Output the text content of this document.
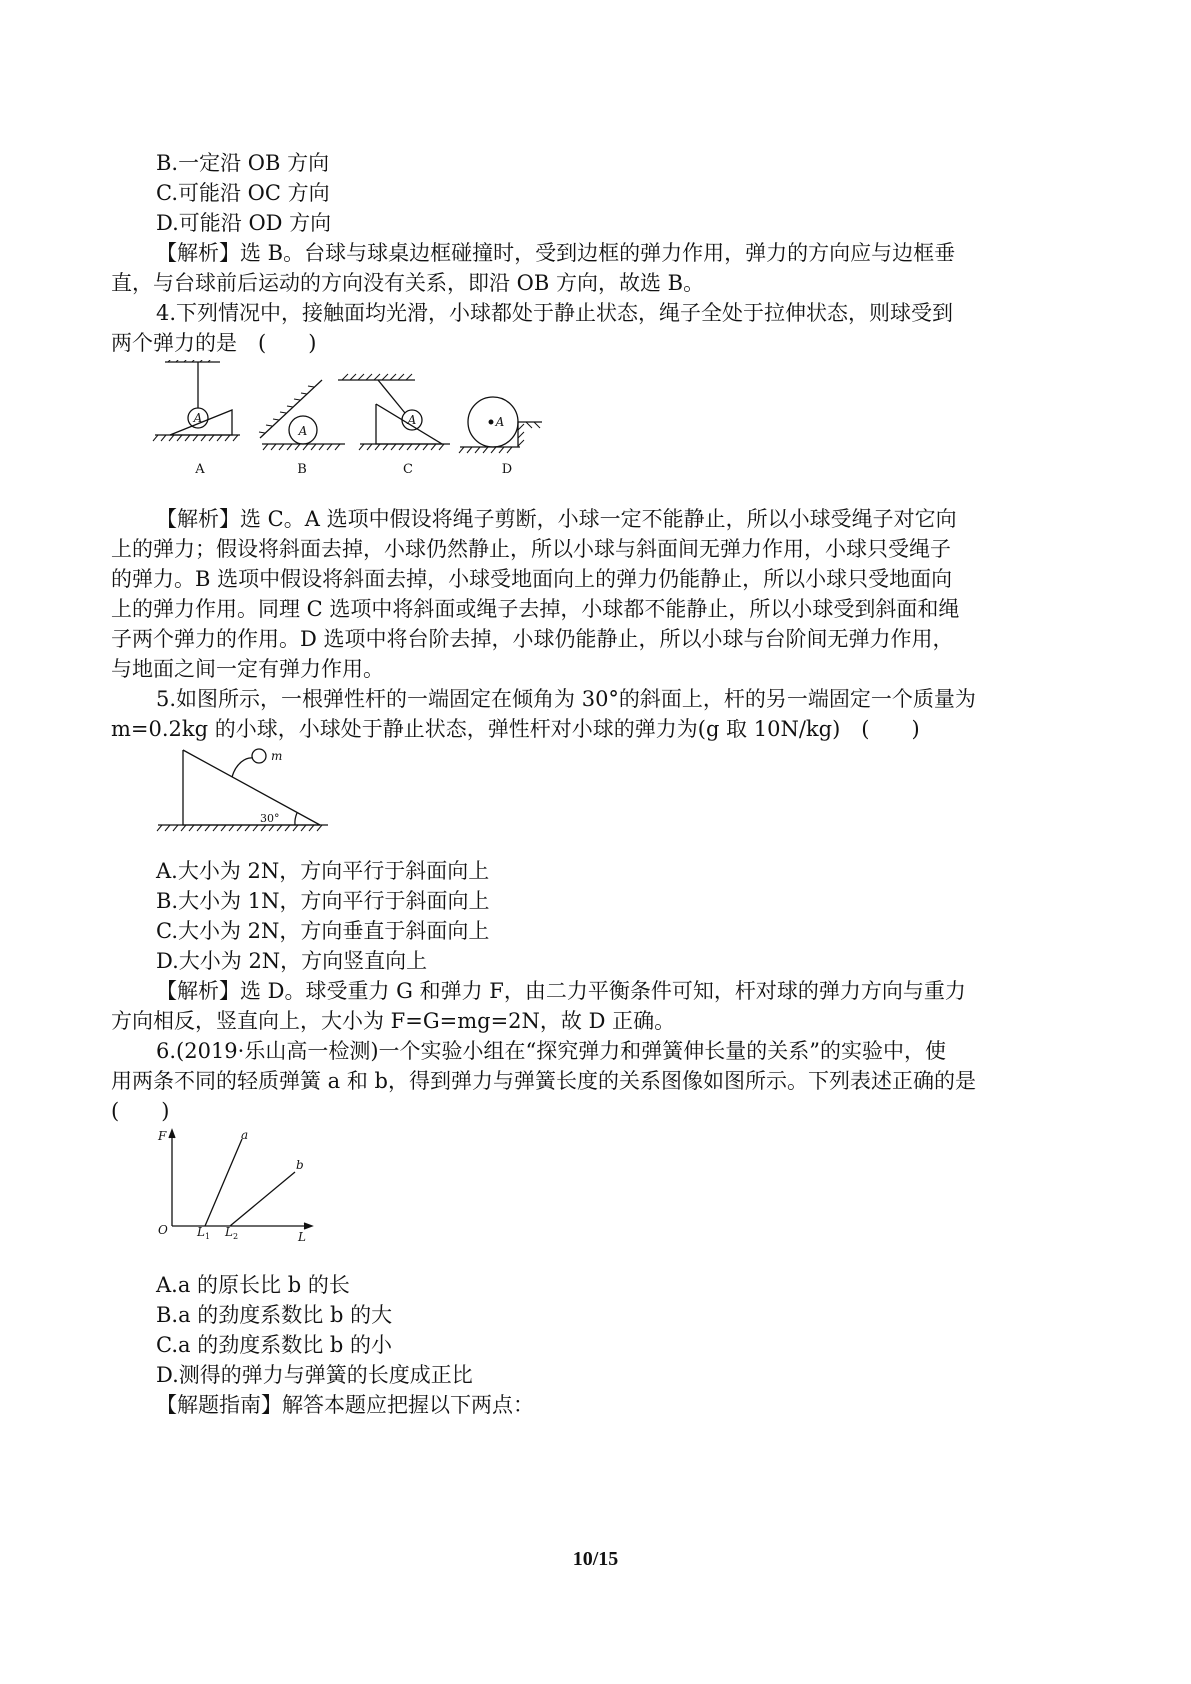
B.一定沿 OB 方向
C.可能沿 OC 方向
D.可能沿 OD 方向
【解析】选 B。台球与球桌边框碰撞时，受到边框的弹力作用，弹力的方向应与边框垂
直，与台球前后运动的方向没有关系，即沿 OB 方向，故选 B。
4.下列情况中，接触面均光滑，小球都处于静止状态，绳子全处于拉伸状态，则球受到
两个弹力的是　(　　)
A
A
A	A
A	B	C	D
【解析】选 C。A 选项中假设将绳子剪断，小球一定不能静止，所以小球受绳子对它向
上的弹力；假设将斜面去掉，小球仍然静止，所以小球与斜面间无弹力作用，小球只受绳子
的弹力。B 选项中假设将斜面去掉，小球受地面向上的弹力仍能静止，所以小球只受地面向
上的弹力作用。同理 C 选项中将斜面或绳子去掉，小球都不能静止，所以小球受到斜面和绳
子两个弹力的作用。D 选项中将台阶去掉，小球仍能静止，所以小球与台阶间无弹力作用，
与地面之间一定有弹力作用。
5.如图所示，一根弹性杆的一端固定在倾角为 30°的斜面上，杆的另一端固定一个质量为
m=0.2kg 的小球，小球处于静止状态，弹性杆对小球的弹力为(g 取 10N/kg)　(　　)
m
30°
A.大小为 2N，方向平行于斜面向上
B.大小为 1N，方向平行于斜面向上
C.大小为 2N，方向垂直于斜面向上
D.大小为 2N，方向竖直向上
【解析】选 D。球受重力 G 和弹力 F，由二力平衡条件可知，杆对球的弹力方向与重力
方向相反，竖直向上，大小为 F=G=mg=2N，故 D 正确。
6.(2019·乐山高一检测)一个实验小组在“探究弹力和弹簧伸长量的关系”的实验中，使
用两条不同的轻质弹簧 a 和 b，得到弹力与弹簧长度的关系图像如图所示。下列表述正确的是
(　　)
F
L
O
a
b
$L_1$ $L_2$
A.a 的原长比 b 的长
B.a 的劲度系数比 b 的大
C.a 的劲度系数比 b 的小
D.测得的弹力与弹簧的长度成正比
【解题指南】解答本题应把握以下两点：
10/15
